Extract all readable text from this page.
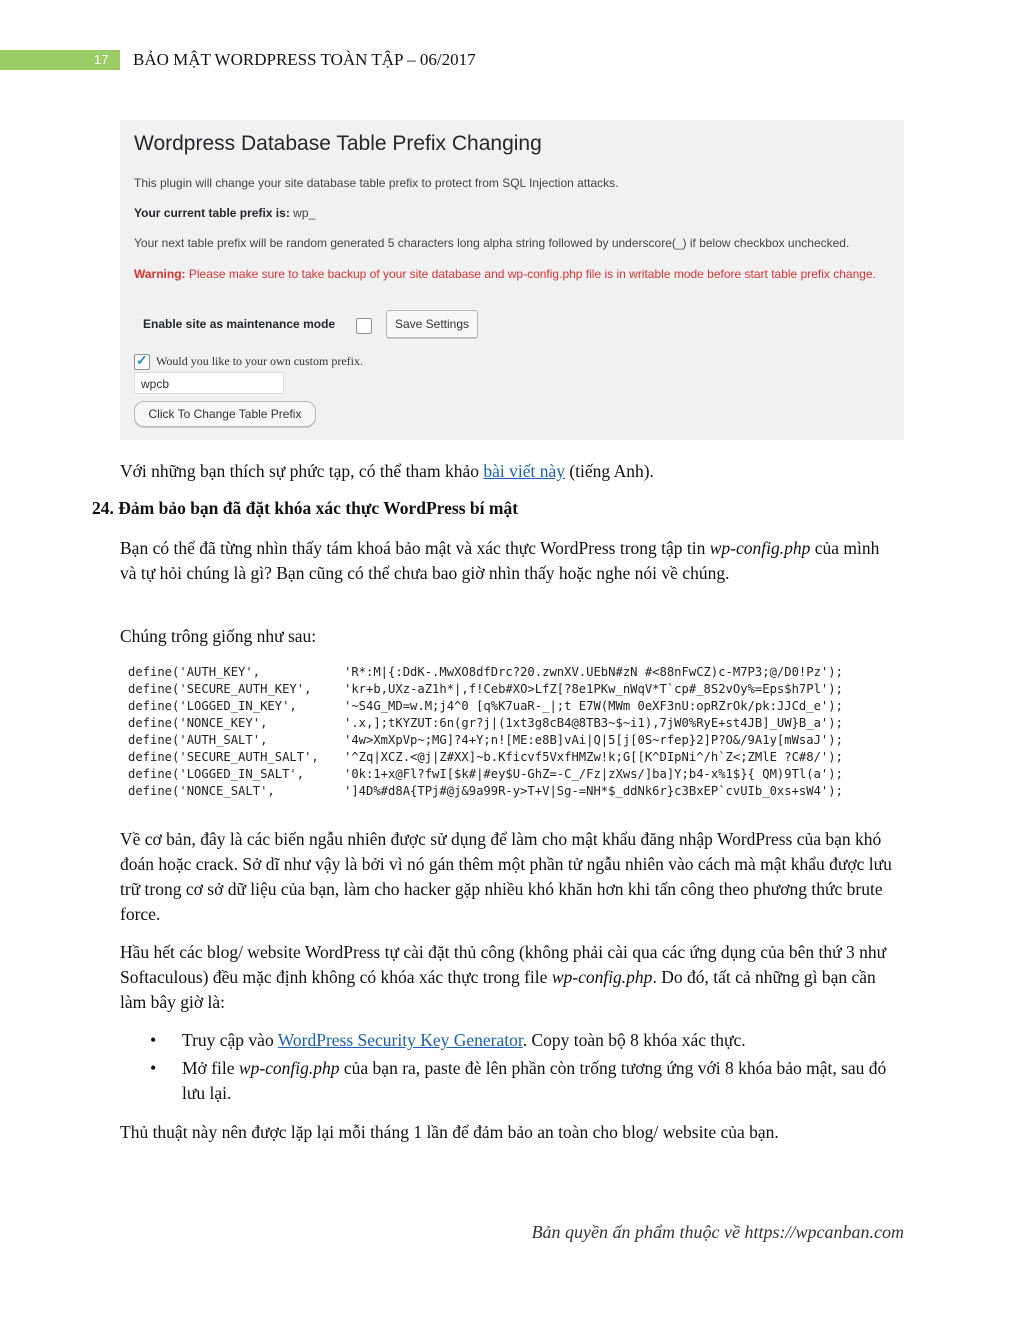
17	BẢO MẬT WORDPRESS TOÀN TẬP – 06/2017
Wordpress Database Table Prefix Changing
This plugin will change your site database table prefix to protect from SQL Injection attacks.
Your current table prefix is: wp_
Your next table prefix will be random generated 5 characters long alpha string followed by underscore(_) if below checkbox unchecked.
Warning: Please make sure to take backup of your site database and wp-config.php file is in writable mode before start table prefix change.
Enable site as maintenance mode	Save Settings
✓
Would you like to your own custom prefix.
wpcb
Click To Change Table Prefix
Với những bạn thích sự phức tạp, có thể tham khảo bài viết này (tiếng Anh).
24. Đảm bảo bạn đã đặt khóa xác thực WordPress bí mật
Bạn có thể đã từng nhìn thấy tám khoá bảo mật và xác thực WordPress trong tập tin wp-config.php của mình và tự hỏi chúng là gì? Bạn cũng có thể chưa bao giờ nhìn thấy hoặc nghe nói về chúng.
Chúng trông giống như sau:
define('AUTH_KEY',	'R*:M|{:DdK-.MwXO8dfDrc?20.zwnXV.UEbN#zN #<88nFwCZ)c-M7P3;@/D0!Pz');
define('SECURE_AUTH_KEY',	'kr+b,UXz-aZ1h*|,f!Ceb#XO>LfZ[?8e1PKw_nWqV*T`cp#_8S2vOy%=Eps$h7Pl');
define('LOGGED_IN_KEY',	'~S4G_MD=w.M;j4^0 [q%K7uaR-_|;t E7W(MWm 0eXF3nU:opRZrOk/pk:JJCd_e');
define('NONCE_KEY',	'.x,];tKYZUT:6n(gr?j|(1xt3g8cB4@8TB3~$~i1),7jW0%RyE+st4JB]_UW}B_a');
define('AUTH_SALT',	'4w>XmXpVp~;MG]?4+Y;n![ME:e8B]vAi|Q|5[j[0S~rfep}2]P?O&/9A1y[mWsaJ');
define('SECURE_AUTH_SALT', '^Zq|XCZ.<@j|Z#XX]~b.Kficvf5VxfHMZw!k;G[[K^DIpNi^/h`Z<;ZMlE ?C#8/');
define('LOGGED_IN_SALT',	'0k:1+x@Fl?fwI[$k#|#ey$U-GhZ=-C_/Fz|zXws/]ba]Y;b4-x%1$}{ QM)9Tl(a');
define('NONCE_SALT',	']4D%#d8A{TPj#@j&9a99R-y>T+V|Sg-=NH*$_ddNk6r}c3BxEP`cvUIb_0xs+sW4');
Về cơ bản, đây là các biến ngẫu nhiên được sử dụng để làm cho mật khẩu đăng nhập WordPress của bạn khó đoán hoặc crack. Sở dĩ như vậy là bởi vì nó gán thêm một phần tử ngẫu nhiên vào cách mà mật khẩu được lưu trữ trong cơ sở dữ liệu của bạn, làm cho hacker gặp nhiều khó khăn hơn khi tấn công theo phương thức brute force.
Hầu hết các blog/ website WordPress tự cài đặt thủ công (không phải cài qua các ứng dụng của bên thứ 3 như Softaculous) đều mặc định không có khóa xác thực trong file wp-config.php. Do đó, tất cả những gì bạn cần làm bây giờ là:
• Truy cập vào WordPress Security Key Generator. Copy toàn bộ 8 khóa xác thực.
• Mở file wp-config.php của bạn ra, paste đè lên phần còn trống tương ứng với 8 khóa bảo mật, sau đó lưu lại.
Thủ thuật này nên được lặp lại mỗi tháng 1 lần để đảm bảo an toàn cho blog/ website của bạn.
Bản quyền ấn phẩm thuộc về https://wpcanban.com
